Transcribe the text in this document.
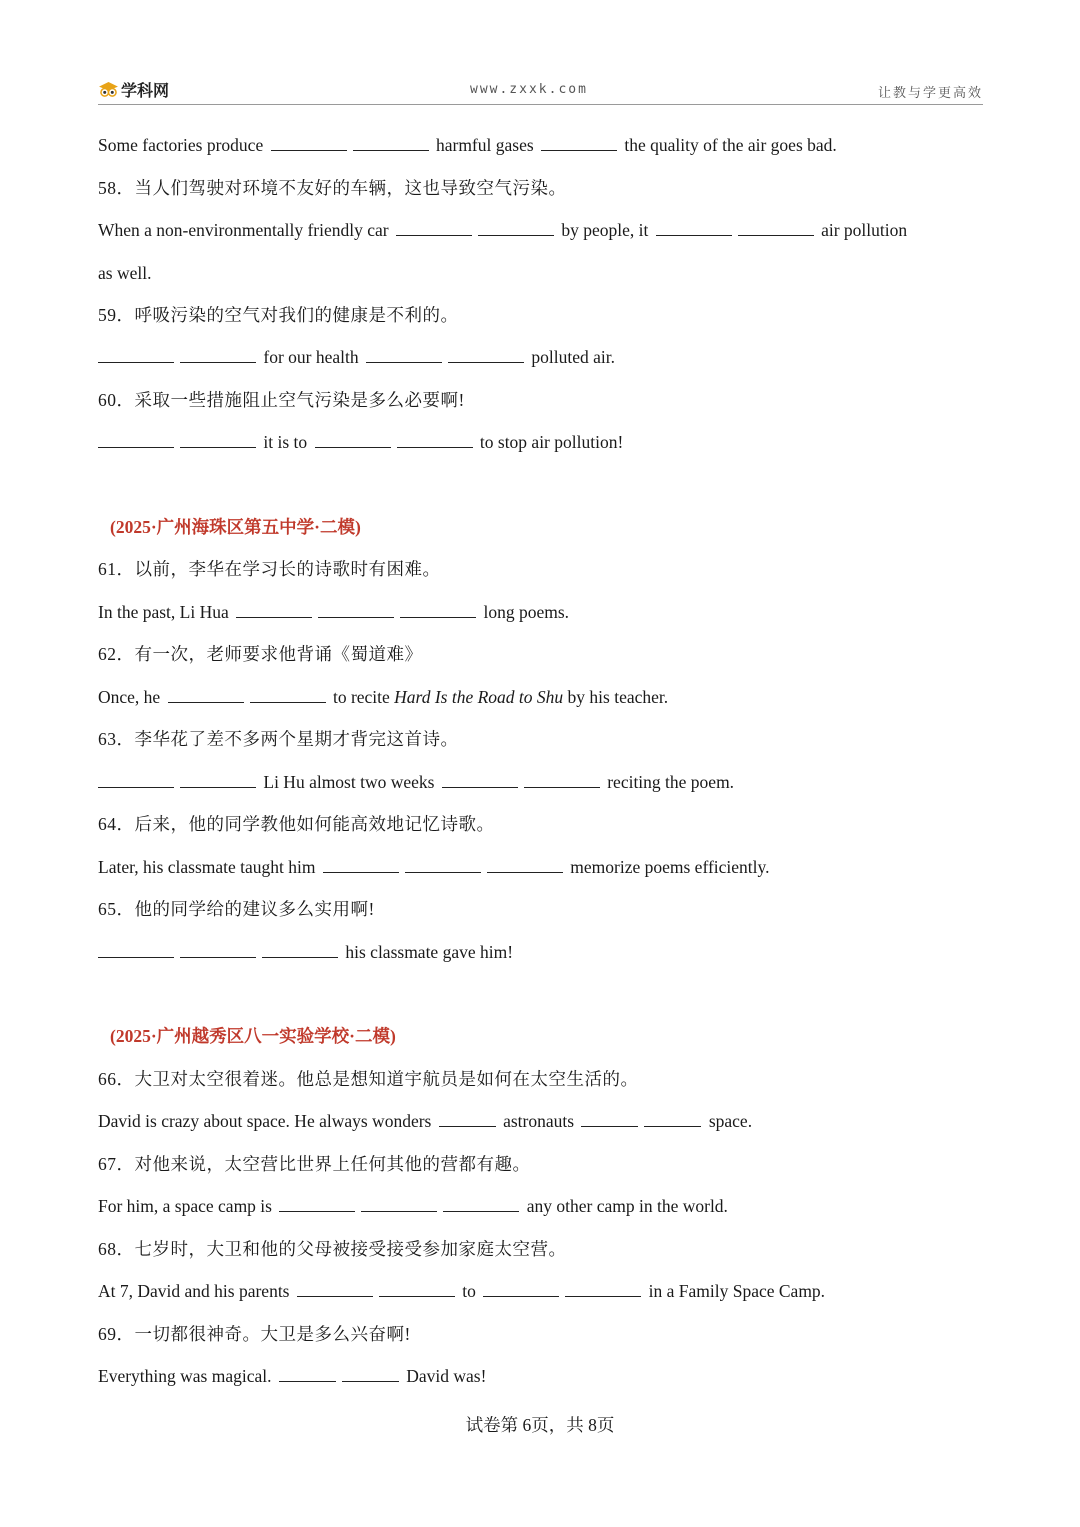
学科网	www.zxxk.com	让教与学更高效
Some factories produce	harmful gases	the quality of the air goes bad.
58．当人们驾驶对环境不友好的车辆，这也导致空气污染。
When a non-environmentally friendly car	by people, it	air pollution
as well.
59．呼吸污染的空气对我们的健康是不利的。
for our health	polluted air.
60．采取一些措施阻止空气污染是多么必要啊!
it is to	to stop air pollution!
(2025·广州海珠区第五中学·二模)
61．以前，李华在学习长的诗歌时有困难。
In the past, Li Hua	long poems.
62．有一次，老师要求他背诵《蜀道难》
Once, he	to recite Hard Is the Road to Shu by his teacher.
63．李华花了差不多两个星期才背完这首诗。
Li Hu almost two weeks	reciting the poem.
64．后来，他的同学教他如何能高效地记忆诗歌。
Later, his classmate taught him	memorize poems efficiently.
65．他的同学给的建议多么实用啊!
his classmate gave him!
(2025·广州越秀区八一实验学校·二模)
66．大卫对太空很着迷。他总是想知道宇航员是如何在太空生活的。
David is crazy about space. He always wonders	astronauts	space.
67．对他来说，太空营比世界上任何其他的营都有趣。
For him, a space camp is	any other camp in the world.
68．七岁时，大卫和他的父母被接受接受参加家庭太空营。
At 7, David and his parents	to	in a Family Space Camp.
69．一切都很神奇。大卫是多么兴奋啊!
Everything was magical.	David was!
试卷第 6页，共 8页
